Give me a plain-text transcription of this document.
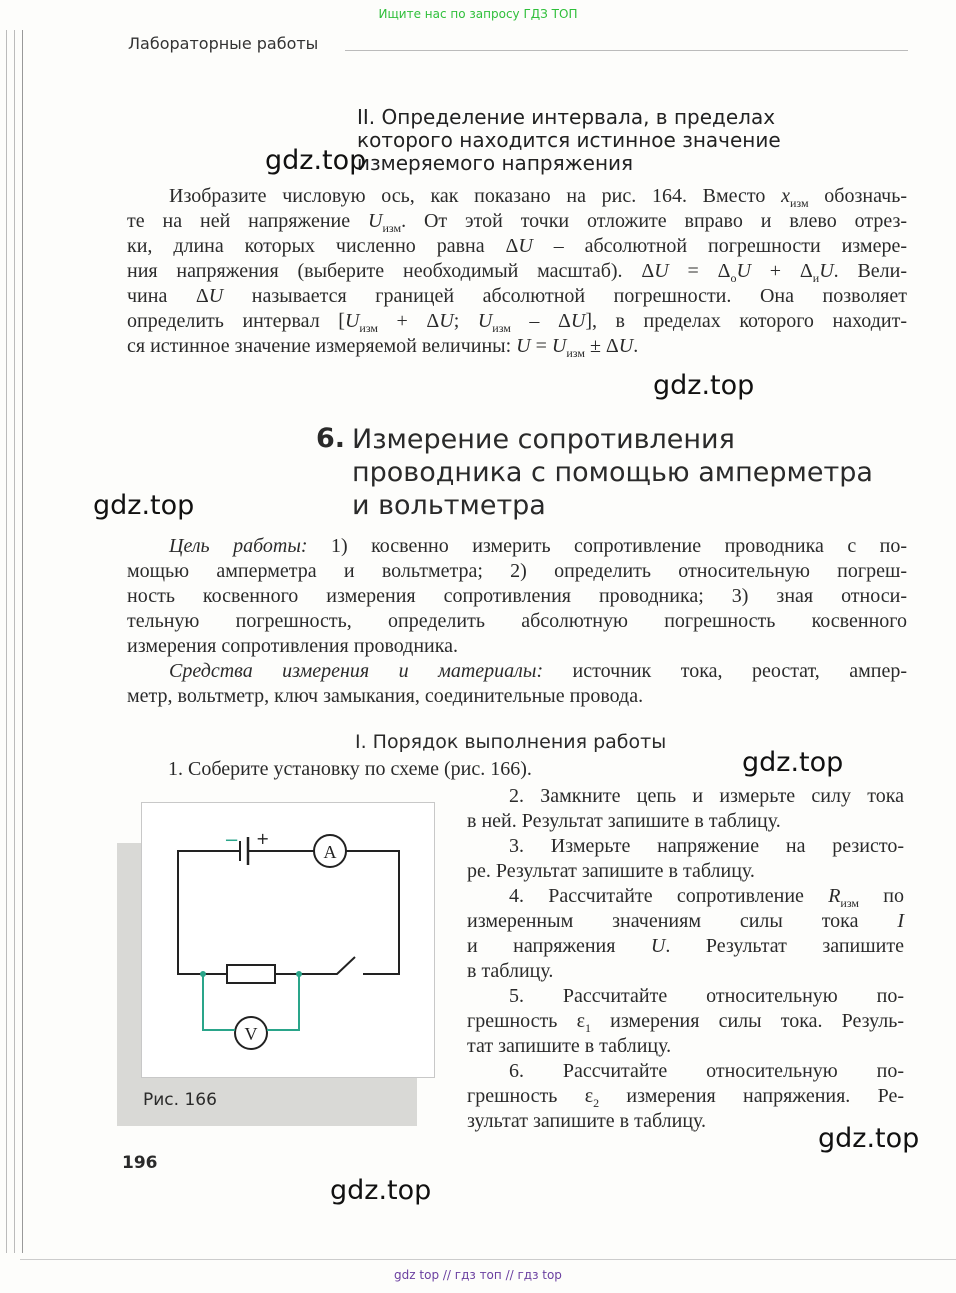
Ищите нас по запросу ГДЗ ТОП
Лабораторные работы
II. Определение интервала, в пределах
которого находится истинное значение
измеряемого напряжения
Изобразите числовую ось, как показано на рис. 164. Вместо $x_{изм}$ обозначь-
те на ней напряжение $U_{изм}$. От этой точки отложите вправо и влево отрез-
ки, длина которых численно равна ΔU – абсолютной погрешности измере-
ния напряжения (выберите необходимый масштаб). $\Delta U = \Delta_оU + \Delta_иU$. Вели-
чина ΔU называется границей абсолютной погрешности. Она позволяет
определить интервал [$U_{изм} + \Delta U$; $U_{изм} - \Delta U$], в пределах которого находит-
ся истинное значение измеряемой величины: $U = U_{изм} \pm \Delta U$.
6. Измерение сопротивления
проводника с помощью амперметра
и вольтметра
Цель работы: 1) косвенно измерить сопротивление проводника с по-
мощью амперметра и вольтметра; 2) определить относительную погреш-
ность косвенного измерения сопротивления проводника; 3) зная относи-
тельную погрешность, определить абсолютную погрешность косвенного
измерения сопротивления проводника.
Средства измерения и материалы: источник тока, реостат, ампер-
метр, вольтметр, ключ замыкания, соединительные провода.
I. Порядок выполнения работы
1. Соберите установку по схеме (рис. 166).
2. Замкните цепь и измерьте силу тока
в ней. Результат запишите в таблицу.
3. Измерьте напряжение на резисто-
ре. Результат запишите в таблицу.
4. Рассчитайте сопротивление $R_{изм}$ по
измеренным значениям силы тока I
и напряжения U. Результат запишите
в таблицу.
5. Рассчитайте относительную по-
грешность $\varepsilon_1$ измерения силы тока. Резуль-
тат запишите в таблицу.
6. Рассчитайте относительную по-
грешность $\varepsilon_2$ измерения напряжения. Ре-
зультат запишите в таблицу.
A
V
− +
Рис. 166
196
gdz.top
gdz.top
gdz.top
gdz.top
gdz.top
gdz.top
gdz top // гдз топ // гдз top
